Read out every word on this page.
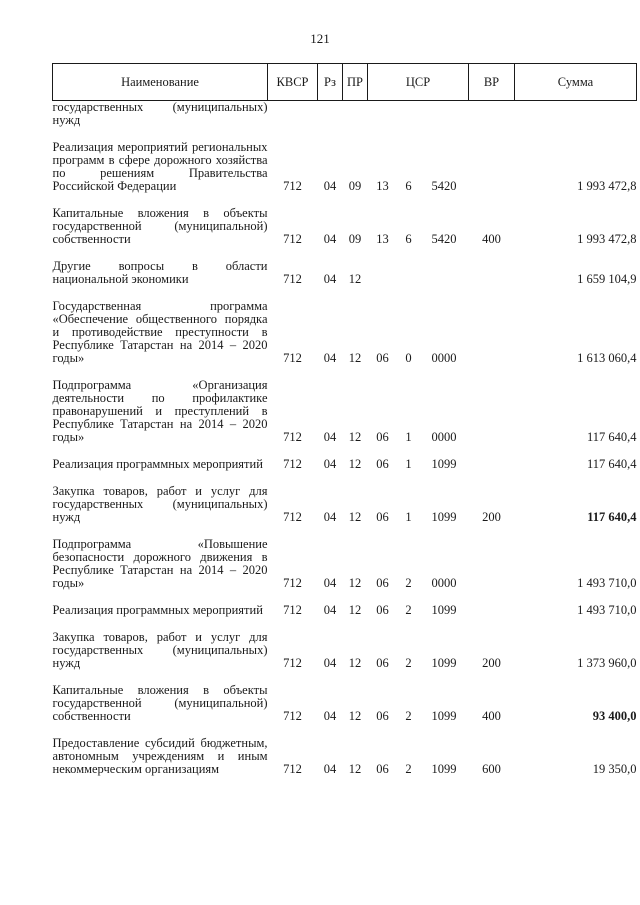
121
Наименование	КВСР	Рз	ПР	ЦСР			ВР	Сумма
государственных (муниципальных) нужд								

Реализация мероприятий региональных программ в сфере дорожного хозяйства по решениям Правительства Российской Федерации	712	04	09	13	6	5420		1 993 472,8

Капитальные вложения в объекты государственной (муниципальной) собственности	712	04	09	13	6	5420	400	1 993 472,8

Другие вопросы в области национальной экономики	712	04	12					1 659 104,9

Государственная программа «Обеспечение общественного порядка и противодействие преступности в Республике Татарстан на 2014 – 2020 годы»	712	04	12	06	0	0000		1 613 060,4

Подпрограмма «Организация деятельности по профилактике правонарушений и преступлений в Республике Татарстан на 2014 – 2020 годы»	712	04	12	06	1	0000		117 640,4

Реализация программных мероприятий	712	04	12	06	1	1099		117 640,4

Закупка товаров, работ и услуг для государственных (муниципальных) нужд	712	04	12	06	1	1099	200	117 640,4

Подпрограмма «Повышение безопасности дорожного движения в Республике Татарстан на 2014 – 2020 годы»	712	04	12	06	2	0000		1 493 710,0

Реализация программных мероприятий	712	04	12	06	2	1099		1 493 710,0

Закупка товаров, работ и услуг для государственных (муниципальных) нужд	712	04	12	06	2	1099	200	1 373 960,0

Капитальные вложения в объекты государственной (муниципальной) собственности	712	04	12	06	2	1099	400	93 400,0

Предоставление субсидий бюджетным, автономным учреждениям и иным некоммерческим организациям	712	04	12	06	2	1099	600	19 350,0
